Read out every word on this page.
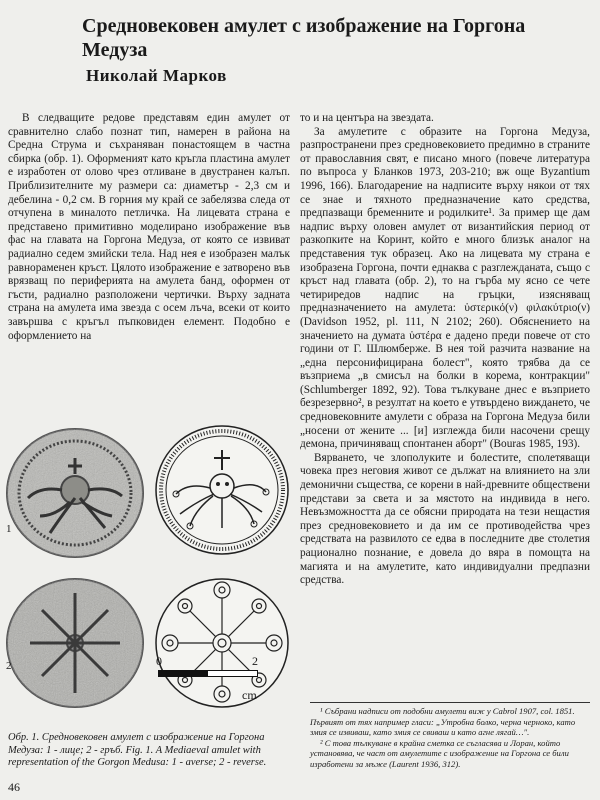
Средновековен амулет с изображение на Горгона Медуза
Николай Марков

В следващите редове представям един амулет от сравнително слабо познат тип, намерен в района на Средна Струма и съхраняван понастоящем в частна сбирка (обр. 1). Оформеният като кръгла пластина амулет е изработен от олово чрез отливане в двустранен калъп. Приблизителните му размери са: диаметър - 2,3 см и дебелина - 0,2 см. В горния му край се забелязва следа от отчупена в миналото петличка. На лицевата страна е представено примитивно моделирано изображение във фас на главата на Горгона Медуза, от която се извиват радиално седем змийски тела. Над нея е изобразен малък равнораменен кръст. Цялото изображение е затворено във врязващ по периферията на амулета банд, оформен от гъсти, радиално разположени чертички. Върху задната страна на амулета има звезда с осем лъча, всеки от които завършва с кръгъл пъпковиден елемент. Подобно е оформлението на

то и на центъра на звездата.

За амулетите с образите на Горгона Медуза, разпространени през средновековието предимно в страните от православния свят, е писано много (повече литература по въпроса у Бланков 1973, 203-210; вж още Byzantium 1996, 166). Благодарение на надписите върху някои от тях се знае и тяхното предназначение като средства, предпазващи бременните и родилките¹. За пример ще дам надпис върху оловен амулет от византийския период от разкопките на Коринт, който е много близък аналог на представения тук образец. Ако на лицевата му страна е изобразена Горгона, почти еднаква с разглежданата, също с кръст над главата (обр. 2), то на гърба му ясно се чете четириредов надпис на гръцки, изясняващ предназначението на амулета: ὑστερικό(ν) φιλακύτριο(ν) (Davidson 1952, pl. 111, N 2102; 260). Обяснението на значението на думата ὑστέρα е дадено преди повече от сто години от Г. Шлюмберже. В нея той разчита название на „една персонифицирана болест", която трябва да се възприема „в смисъл на болки в корема, контракции" (Schlumberger 1892, 92). Това тълкуване днес е възприето безрезервно², в резултат на което е утвърдено виждането, че средновековните амулети с образа на Горгона Медуза били „носени от жените ... [и] изглежда били насочени срещу демона, причиняващ спонтанен аборт" (Bouras 1985, 193).

Вярването, че злополуките и болестите, сполетяващи човека през неговия живот се дължат на влиянието на зли демонични същества, се корени в най-древните обществени представи за света и за мястото на индивида в него. Невъзможността да се обясни природата на тези нещастия през средновековието и да им се противодейства чрез средствата на развилото се едва в последните две столетия рационално познание, е довела до вяра в помощта на магията и на амулетите, като индивидуални предпазни средства.

1
2	0	2
cm
Обр. 1. Средновековен амулет с изображение на Горгона Медуза: 1 - лице; 2 - гръб. Fig. 1. A Mediaeval amulet with representation of the Gorgon Medusa: 1 - averse; 2 - reverse.

¹ Събрани надписи от подобни амулети виж у Cabrol 1907, col. 1851. Първият от тях например гласи: „Утробна болко, черна черноко, като змия се извиваш, като змия се свиваш и като агне лягай…".

² С това тълкуване в крайна сметка се съгласява и Лоран, който установява, че част от амулетите с изображение на Горгона се били изработени за мъже (Laurent 1936, 312).

46
